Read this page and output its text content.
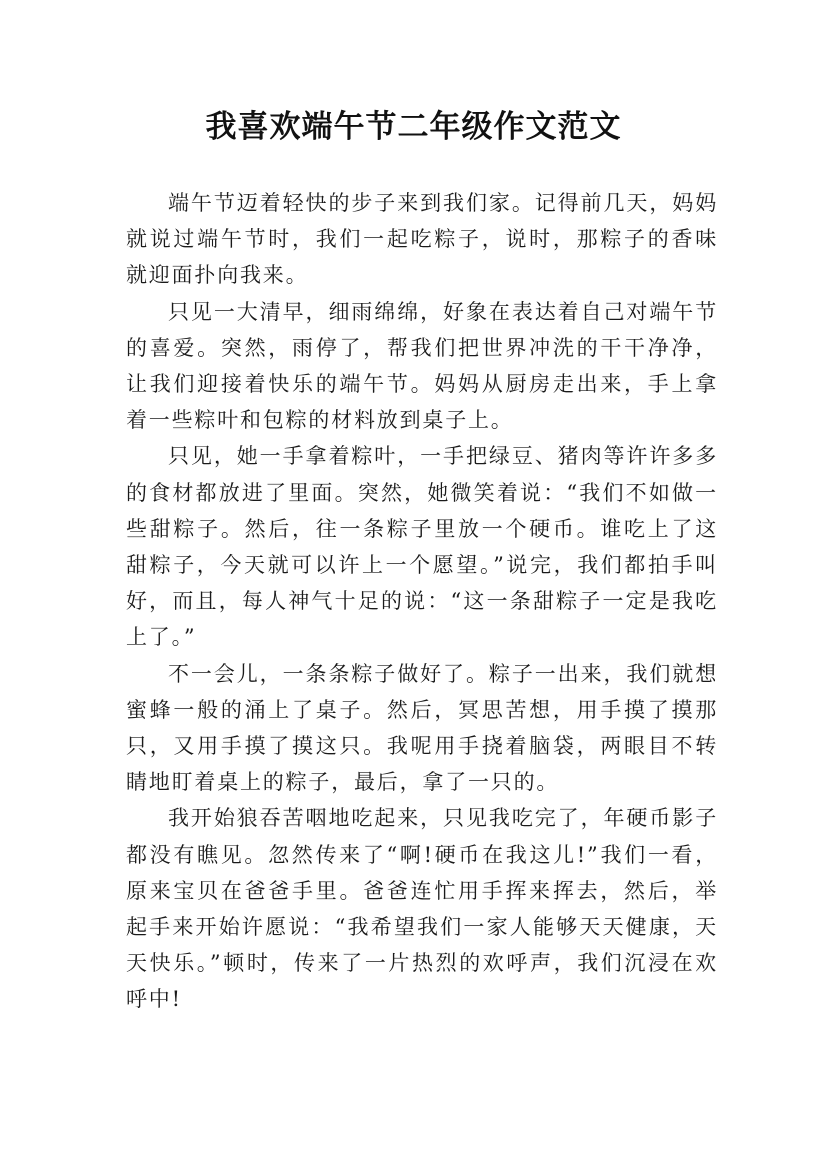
我喜欢端午节二年级作文范文

端午节迈着轻快的步子来到我们家。记得前几天，妈妈就说过端午节时，我们一起吃粽子，说时，那粽子的香味就迎面扑向我来。

只见一大清早，细雨绵绵，好象在表达着自己对端午节的喜爱。突然，雨停了，帮我们把世界冲洗的干干净净，让我们迎接着快乐的端午节。妈妈从厨房走出来，手上拿着一些粽叶和包粽的材料放到桌子上。

只见，她一手拿着粽叶，一手把绿豆、猪肉等许许多多的食材都放进了里面。突然，她微笑着说：“我们不如做一些甜粽子。然后，往一条粽子里放一个硬币。谁吃上了这甜粽子，今天就可以许上一个愿望。”说完，我们都拍手叫好，而且，每人神气十足的说：“这一条甜粽子一定是我吃上了。”

不一会儿，一条条粽子做好了。粽子一出来，我们就想蜜蜂一般的涌上了桌子。然后，冥思苦想，用手摸了摸那只，又用手摸了摸这只。我呢用手挠着脑袋，两眼目不转睛地盯着桌上的粽子，最后，拿了一只的。

我开始狼吞苦咽地吃起来，只见我吃完了，年硬币影子都没有瞧见。忽然传来了“啊!硬币在我这儿!”我们一看，原来宝贝在爸爸手里。爸爸连忙用手挥来挥去，然后，举起手来开始许愿说：“我希望我们一家人能够天天健康，天天快乐。”顿时，传来了一片热烈的欢呼声，我们沉浸在欢呼中!
